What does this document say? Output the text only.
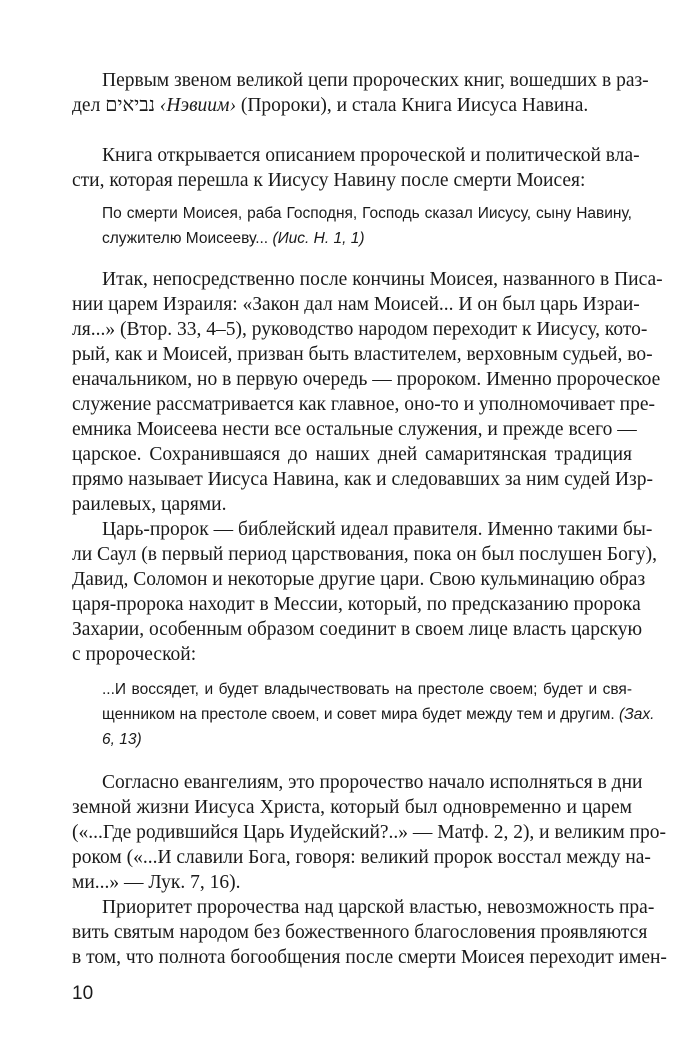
Первым звеном великой цепи пророческих книг, вошедших в раз-
дел נביאים ‹Нэвиим› (Пророки), и стала Книга Иисуса Навина.
Книга открывается описанием пророческой и политической вла-
сти, которая перешла к Иисусу Навину после смерти Моисея:
По смерти Моисея, раба Господня, Господь сказал Иисусу, сыну Навину,
служителю Моисееву... (Иис. Н. 1, 1)
Итак, непосредственно после кончины Моисея, названного в Писа-
нии царем Израиля: «Закон дал нам Моисей... И он был царь Израи-
ля...» (Втор. 33, 4–5), руководство народом переходит к Иисусу, кото-
рый, как и Моисей, призван быть властителем, верховным судьей, во-
еначальником, но в первую очередь — пророком. Именно пророческое
служение рассматривается как главное, оно-то и уполномочивает пре-
емника Моисеева нести все остальные служения, и прежде всего —
царское. Сохранившаяся до наших дней самаритянская традиция
прямо называет Иисуса Навина, как и следовавших за ним судей Изр-
раилевых, царями.
Царь-пророк — библейский идеал правителя. Именно такими бы-
ли Саул (в первый период царствования, пока он был послушен Богу),
Давид, Соломон и некоторые другие цари. Свою кульминацию образ
царя-пророка находит в Мессии, который, по предсказанию пророка
Захарии, особенным образом соединит в своем лице власть царскую
с пророческой:
...И воссядет, и будет владычествовать на престоле своем; будет и свя-
щенником на престоле своем, и совет мира будет между тем и другим. (Зах.
6, 13)
Согласно евангелиям, это пророчество начало исполняться в дни
земной жизни Иисуса Христа, который был одновременно и царем
(«...Где родившийся Царь Иудейский?..» — Матф. 2, 2), и великим про-
роком («...И славили Бога, говоря: великий пророк восстал между на-
ми...» — Лук. 7, 16).
Приоритет пророчества над царской властью, невозможность пра-
вить святым народом без божественного благословения проявляются
в том, что полнота богообщения после смерти Моисея переходит имен-
10
